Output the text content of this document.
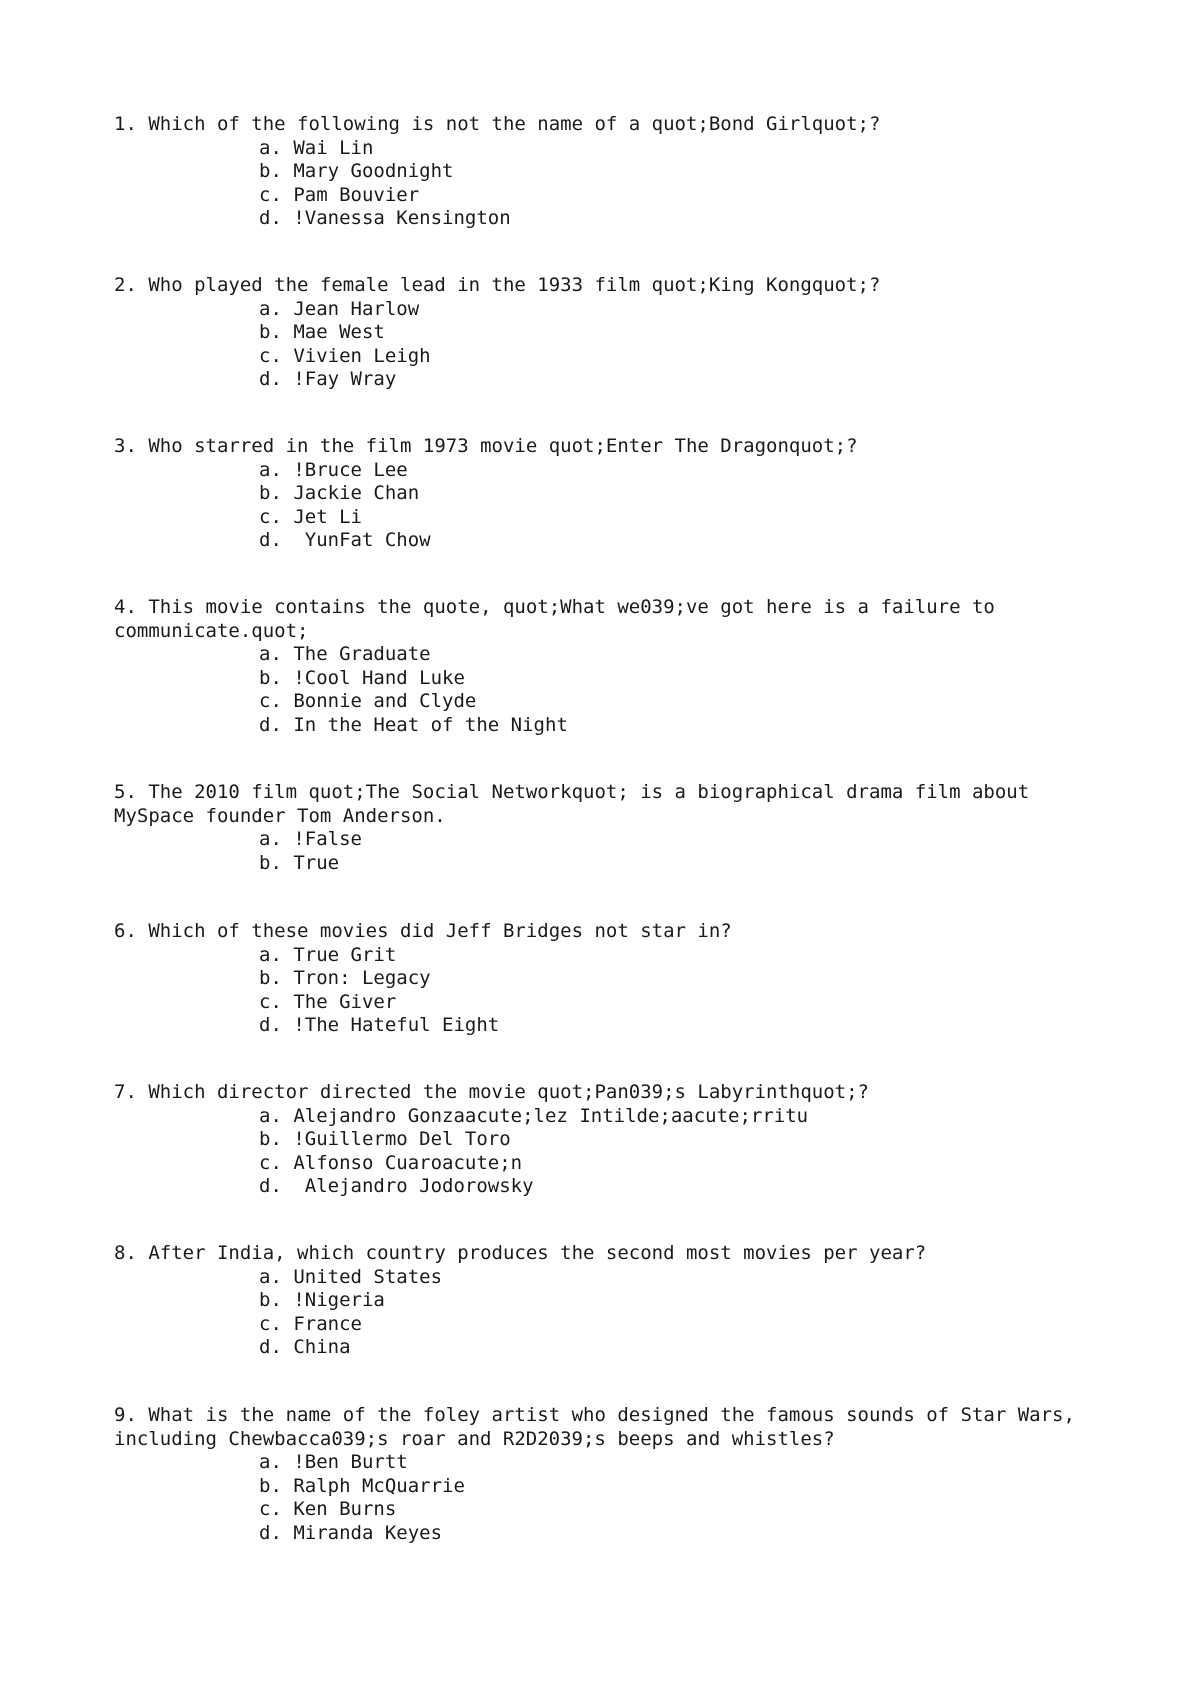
1. Which of the following is not the name of a quot;Bond Girlquot;?

a. Wai Lin
b. Mary Goodnight
c. Pam Bouvier
d. !Vanessa Kensington

2. Who played the female lead in the 1933 film quot;King Kongquot;?

a. Jean Harlow
b. Mae West
c. Vivien Leigh
d. !Fay Wray

3. Who starred in the film 1973 movie quot;Enter The Dragonquot;?

a. !Bruce Lee
b. Jackie Chan
c. Jet Li
d.  YunFat Chow

4. This movie contains the quote, quot;What we039;ve got here is a failure to communicate.quot;

a. The Graduate
b. !Cool Hand Luke
c. Bonnie and Clyde
d. In the Heat of the Night

5. The 2010 film quot;The Social Networkquot; is a biographical drama film about MySpace founder Tom Anderson.

a. !False
b. True

6. Which of these movies did Jeff Bridges not star in?

a. True Grit
b. Tron: Legacy
c. The Giver
d. !The Hateful Eight

7. Which director directed the movie quot;Pan039;s Labyrinthquot;?

a. Alejandro Gonzaacute;lez Intilde;aacute;rritu
b. !Guillermo Del Toro
c. Alfonso Cuaroacute;n
d.  Alejandro Jodorowsky

8. After India, which country produces the second most movies per year?

a. United States
b. !Nigeria
c. France
d. China

9. What is the name of the foley artist who designed the famous sounds of Star Wars, including Chewbacca039;s roar and R2D2039;s beeps and whistles?

a. !Ben Burtt
b. Ralph McQuarrie
c. Ken Burns
d. Miranda Keyes
